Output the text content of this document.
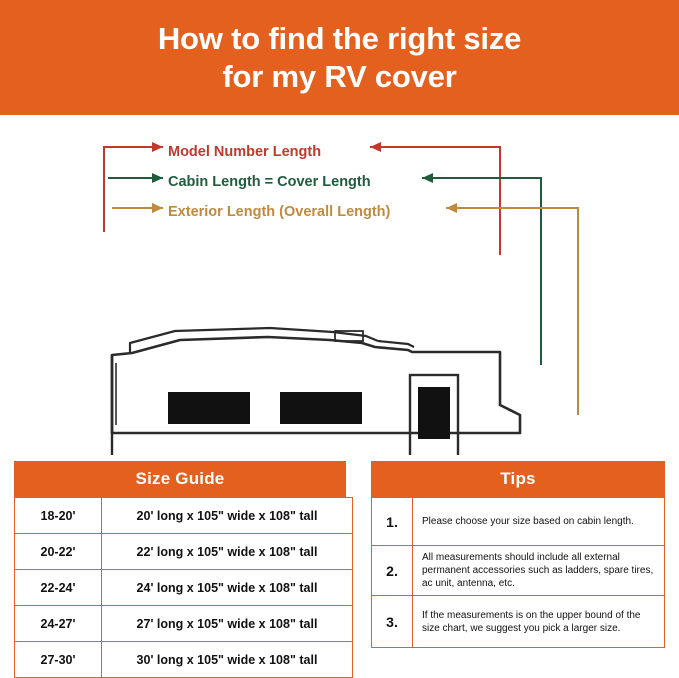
How to find the right size
for my RV cover
Model Number Length
Cabin Length = Cover Length
Exterior Length (Overall Length)
Size Guide
18-20'	20' long x 105" wide x 108" tall
20-22'	22' long x 105" wide x 108" tall
22-24'	24' long x 105" wide x 108" tall
24-27'	27' long x 105" wide x 108" tall
27-30'	30' long x 105" wide x 108" tall
Tips
1.	Please choose your size based on cabin length.
2.	All measurements should include all external permanent accessories such as ladders, spare tires, ac unit, antenna, etc.
3.	If the measurements is on the upper bound of the size chart, we suggest you pick a larger size.
